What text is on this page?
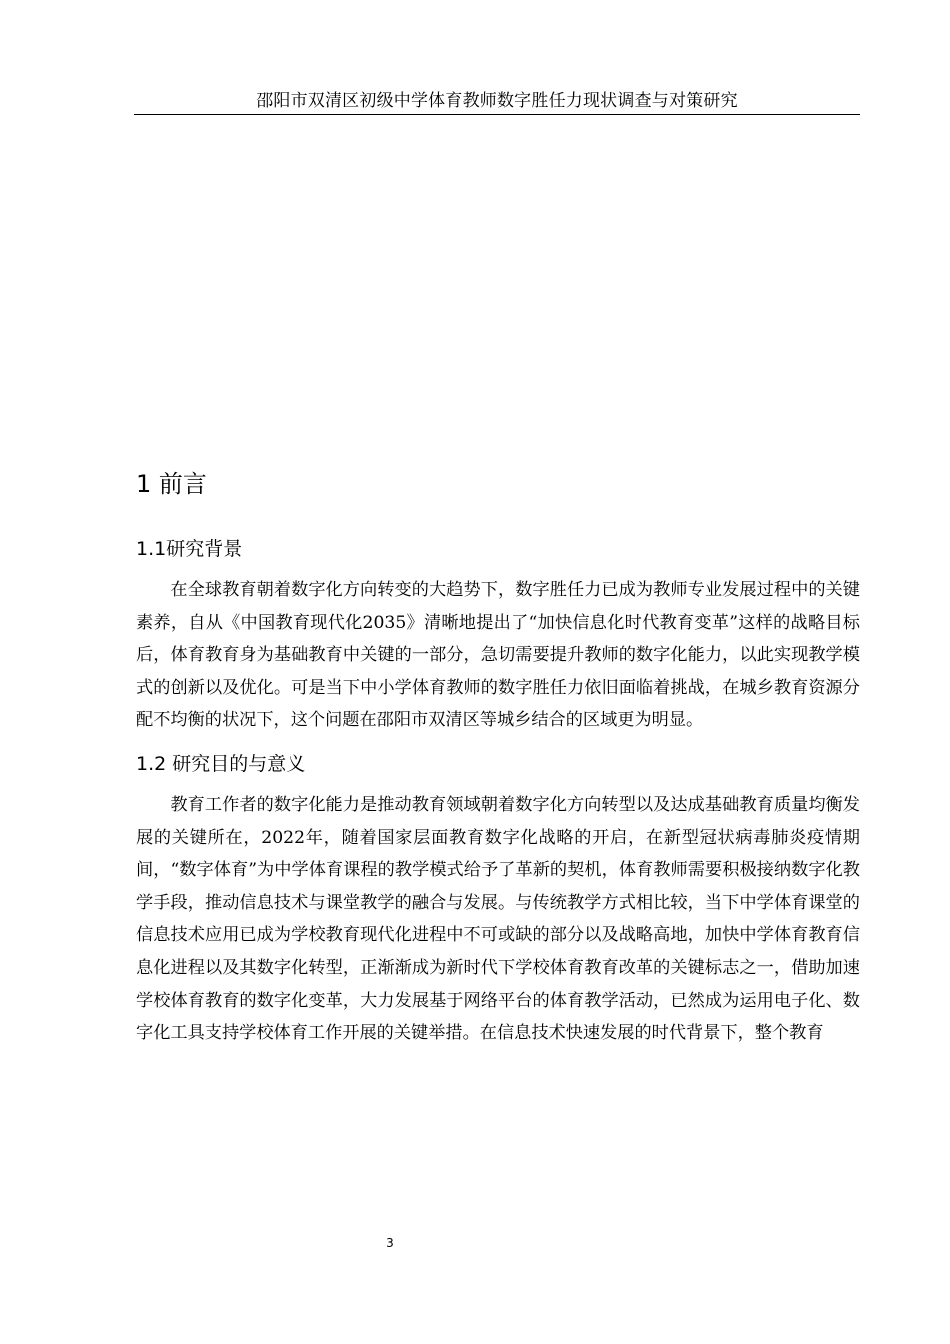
邵阳市双清区初级中学体育教师数字胜任力现状调查与对策研究
1 前言
1.1研究背景

在全球教育朝着数字化方向转变的大趋势下，数字胜任力已成为教师专业发展过程中的关键素养，自从《中国教育现代化2035》清晰地提出了“加快信息化时代教育变革”这样的战略目标后，体育教育身为基础教育中关键的一部分，急切需要提升教师的数字化能力，以此实现教学模式的创新以及优化。可是当下中小学体育教师的数字胜任力依旧面临着挑战，在城乡教育资源分配不均衡的状况下，这个问题在邵阳市双清区等城乡结合的区域更为明显。

1.2 研究目的与意义

教育工作者的数字化能力是推动教育领域朝着数字化方向转型以及达成基础教育质量均衡发展的关键所在，2022年，随着国家层面教育数字化战略的开启，在新型冠状病毒肺炎疫情期间，“数字体育”为中学体育课程的教学模式给予了革新的契机，体育教师需要积极接纳数字化教学手段，推动信息技术与课堂教学的融合与发展。与传统教学方式相比较，当下中学体育课堂的信息技术应用已成为学校教育现代化进程中不可或缺的部分以及战略高地，加快中学体育教育信息化进程以及其数字化转型，正渐渐成为新时代下学校体育教育改革的关键标志之一，借助加速学校体育教育的数字化变革，大力发展基于网络平台的体育教学活动，已然成为运用电子化、数字化工具支持学校体育工作开展的关键举措。在信息技术快速发展的时代背景下，整个教育

3
